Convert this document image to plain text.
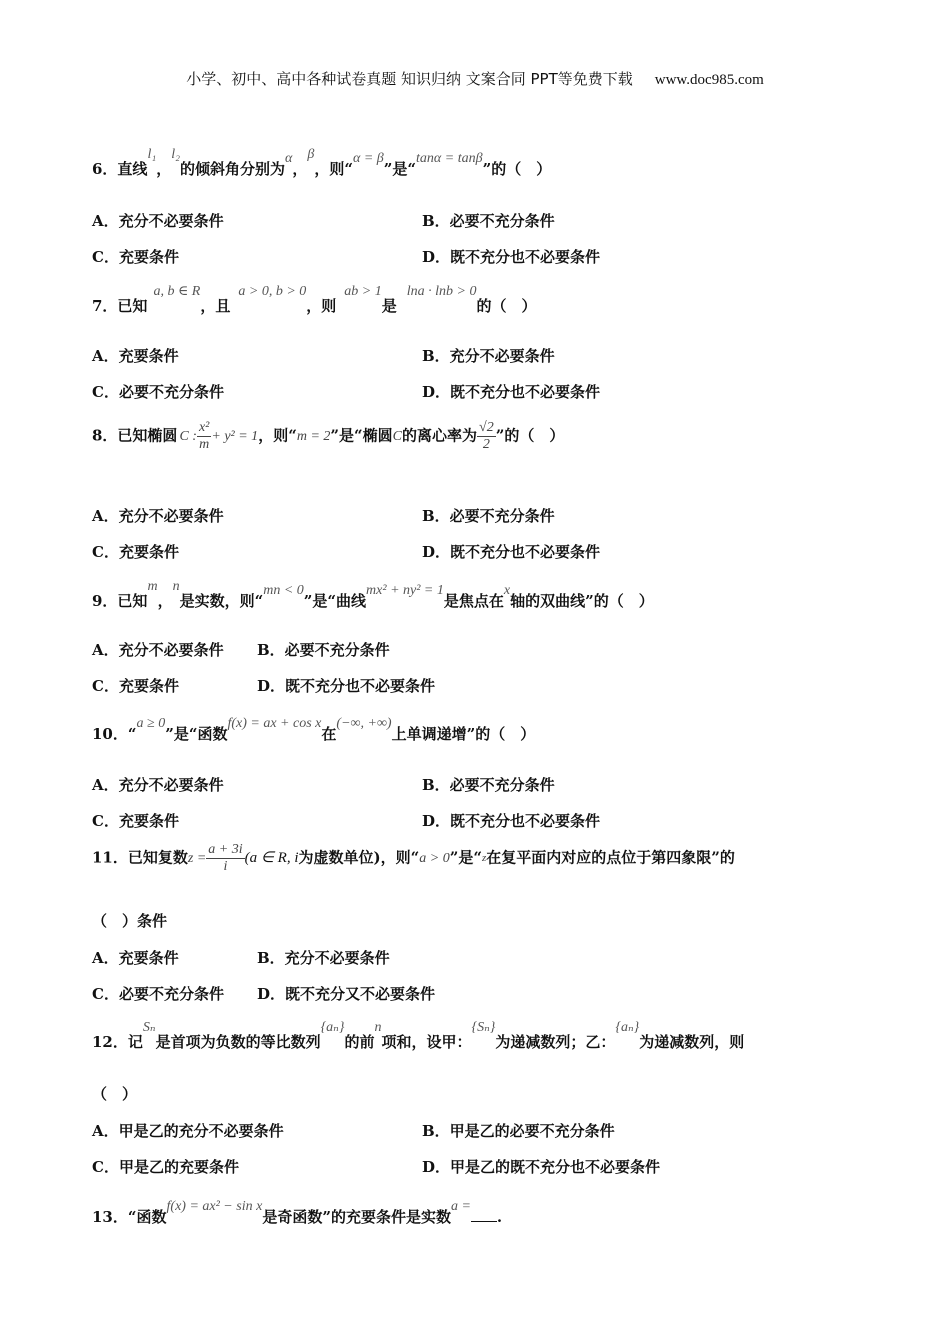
小学、初中、高中各种试卷真题 知识归纳 文案合同 PPT等免费下载 www.doc985.com
6．直线l₁，l₂的倾斜角分别为α，β，则“α = β”是“tanα = tanβ”的（　）
A．充分不必要条件	B．必要不充分条件
C．充要条件	D．既不充分也不必要条件
7．已知a, b ∈ R，且a > 0, b > 0，则ab > 1是lna · lnb > 0的（　）
A．充要条件	B．充分不必要条件
C．必要不充分条件	D．既不充分也不必要条件
8．已知椭圆 C : $\frac{\text{x²}}{m} + y^2 = 1$，则“m = 2”是“椭圆C的离心率为 $\frac{√2}{2}$ ”的（　）
A．充分不必要条件	B．必要不充分条件
C．充要条件	D．既不充分也不必要条件
9．已知m，n是实数，则“mn < 0”是“曲线mx² + ny² = 1是焦点在x轴的双曲线”的（　）
A．充分不必要条件 B．必要不充分条件
C．充要条件	D．既不充分也不必要条件
10．“a ≥ 0”是“函数f(x) = ax + cos x在(−∞, +∞)上单调递增”的（　）
A．充分不必要条件	B．必要不充分条件
C．充要条件	D．既不充分也不必要条件
11．已知复数$z = \frac{a + 3i}{i} (a$ ∈ R, i为虚数单位)，则“a > 0”是“z在复平面内对应的点位于第四象限”的
（　）条件
A．充要条件	B．充分不必要条件
C．必要不充分条件 D．既不充分又不必要条件
12．记Sₙ是首项为负数的等比数列{aₙ}的前n项和，设甲：{Sₙ}为递减数列；乙：{aₙ}为递减数列，则
（　）
A．甲是乙的充分不必要条件	B．甲是乙的必要不充分条件
C．甲是乙的充要条件	D．甲是乙的既不充分也不必要条件
13．“函数f(x) = ax² − sin x是奇函数”的充要条件是实数a =.
